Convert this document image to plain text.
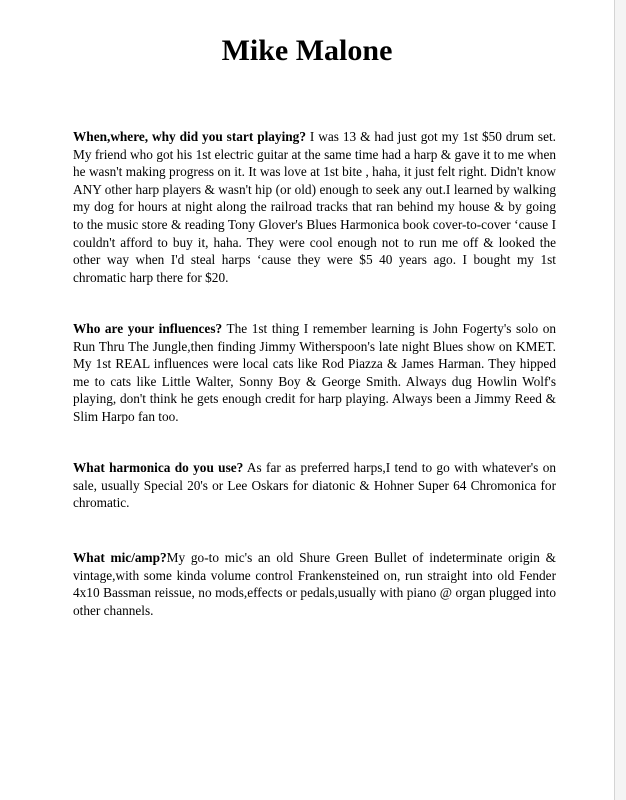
Mike Malone

When,where, why did you start playing? I was 13 & had just got my 1st $50 drum set. My friend who got his 1st electric guitar at the same time had a harp & gave it to me when he wasn't making progress on it. It was love at 1st bite , haha, it just felt right. Didn't know ANY other harp players & wasn't hip (or old) enough to seek any out.I learned by walking my dog for hours at night along the railroad tracks that ran behind my house & by going to the music store & reading Tony Glover's Blues Harmonica book cover-to-cover ‘cause I couldn't afford to buy it, haha. They were cool enough not to run me off & looked the other way when I'd steal harps ‘cause they were $5 40 years ago. I bought my 1st chromatic harp there for $20.

Who are your influences? The 1st thing I remember learning is John Fogerty's solo on Run Thru The Jungle,then finding Jimmy Witherspoon's late night Blues show on KMET. My 1st REAL influences were local cats like Rod Piazza & James Harman. They hipped me to cats like Little Walter, Sonny Boy & George Smith. Always dug Howlin Wolf's playing, don't think he gets enough credit for harp playing. Always been a Jimmy Reed & Slim Harpo fan too.

What harmonica do you use? As far as preferred harps,I tend to go with whatever's on sale, usually Special 20's or Lee Oskars for diatonic & Hohner Super 64 Chromonica for chromatic.

What mic/amp?My go-to mic's an old Shure Green Bullet of indeterminate origin & vintage,with some kinda volume control Frankensteined on, run straight into old Fender 4x10 Bassman reissue, no mods,effects or pedals,usually with piano @ organ plugged into other channels.
